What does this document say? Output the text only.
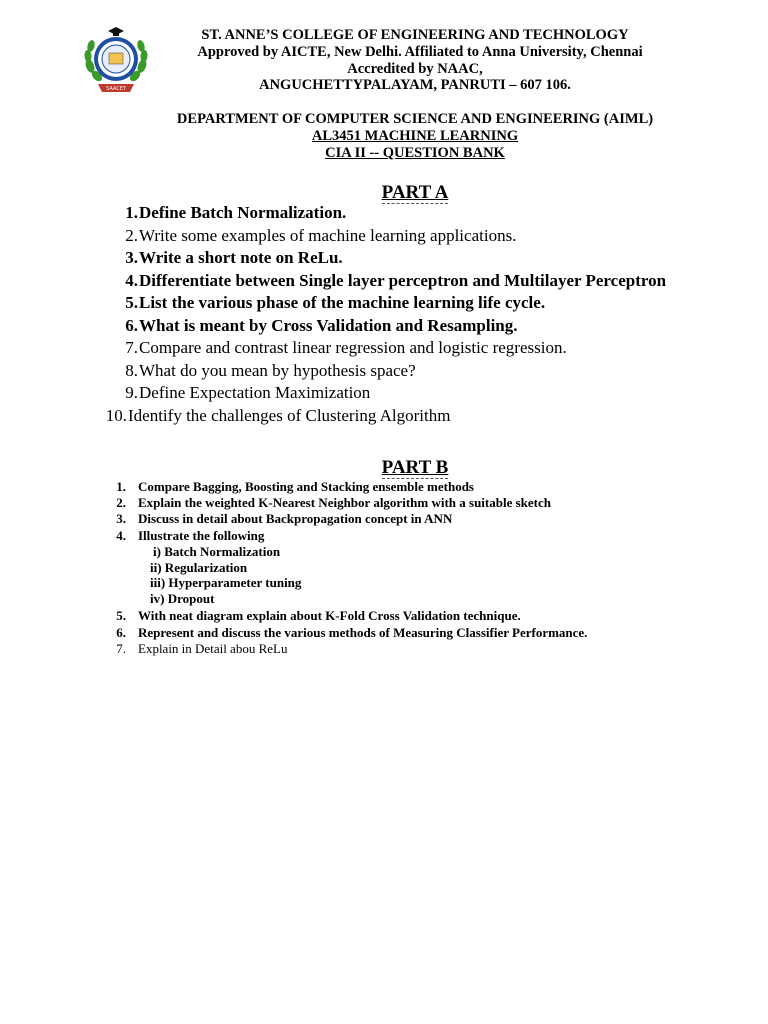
SAACET
ST. ANNE’S COLLEGE OF ENGINEERING AND TECHNOLOGY
Approved by AICTE, New Delhi. Affiliated to Anna University, Chennai
Accredited by NAAC,
ANGUCHETTYPALAYAM, PANRUTI – 607 106.
DEPARTMENT OF COMPUTER SCIENCE AND ENGINEERING (AIML)
AL3451 MACHINE LEARNING
CIA II -- QUESTION BANK
PART A
1.Define Batch Normalization.
2.Write some examples of machine learning applications.
3.Write a short note on ReLu.
4.Differentiate between Single layer perceptron and Multilayer Perceptron
5.List the various phase of the machine learning life cycle.
6.What is meant by Cross Validation and Resampling.
7.Compare and contrast linear regression and logistic regression.
8.What do you mean by hypothesis space?
9.Define Expectation Maximization
10.Identify the challenges of Clustering Algorithm
PART B
1. Compare Bagging, Boosting and Stacking ensemble methods
2. Explain the weighted K-Nearest Neighbor algorithm with a suitable sketch
3. Discuss in detail about Backpropagation concept in ANN
4. Illustrate the following
i) Batch Normalization
ii) Regularization
iii) Hyperparameter tuning
iv) Dropout
5. With neat diagram explain about K-Fold Cross Validation technique.
6. Represent and discuss the various methods of Measuring Classifier Performance.
7. Explain in Detail abou ReLu
